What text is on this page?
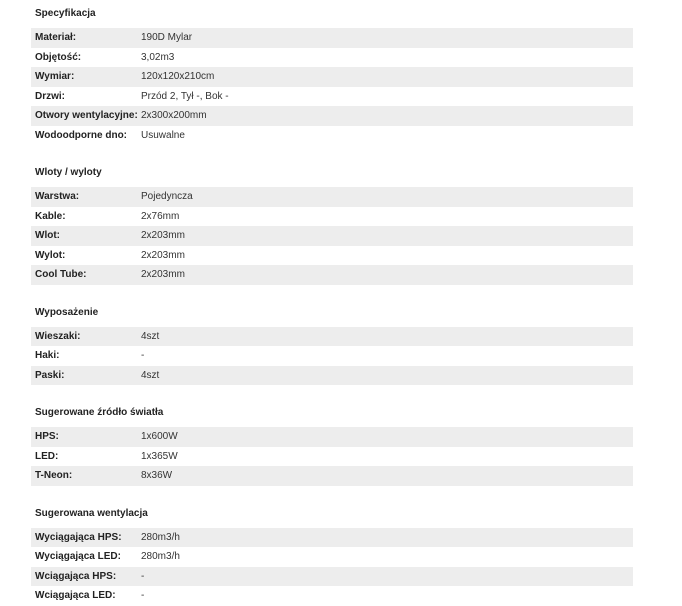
Specyfikacja
Materiał:	190D Mylar
Objętość:	3,02m3
Wymiar:	120x120x210cm
Drzwi:	Przód 2, Tył -, Bok -
Otwory wentylacyjne: 2x300x200mm
Wodoodporne dno:	Usuwalne
Wloty / wyloty
Warstwa:	Pojedyncza
Kable:	2x76mm
Wlot:	2x203mm
Wylot:	2x203mm
Cool Tube:	2x203mm
Wyposażenie
Wieszaki:	4szt
Haki:	-
Paski:	4szt
Sugerowane źródło światła
HPS:	1x600W
LED:	1x365W
T-Neon:	8x36W
Sugerowana wentylacja
Wyciągająca HPS:	280m3/h
Wyciągająca LED:	280m3/h
Wciągająca HPS:	-
Wciągająca LED:	-
